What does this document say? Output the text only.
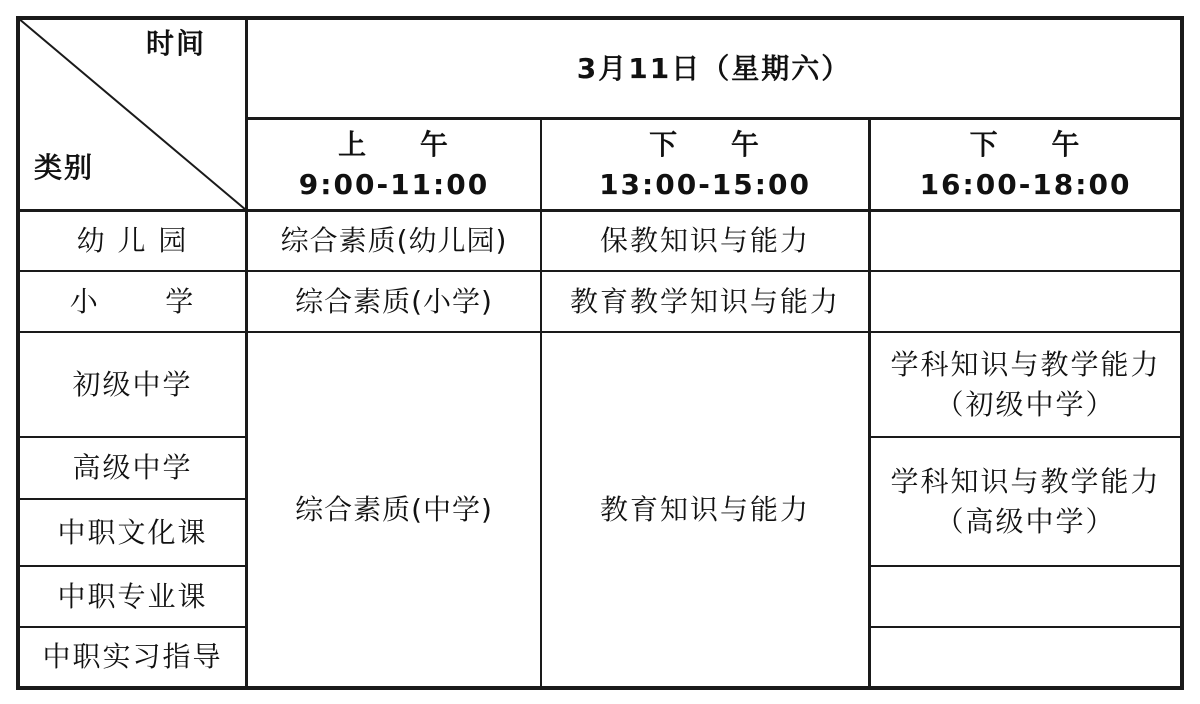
时间
类别
3月11日（星期六）
上 午
9:00-11:00
下 午
13:00-15:00
下 午
16:00-18:00
幼 儿 园
小      学
初级中学
高级中学
中职文化课
中职专业课
中职实习指导
综合素质(幼儿园)
综合素质(小学)
综合素质(中学)
保教知识与能力
教育教学知识与能力
教育知识与能力
学科知识与教学能力（初级中学）
学科知识与教学能力（高级中学）
